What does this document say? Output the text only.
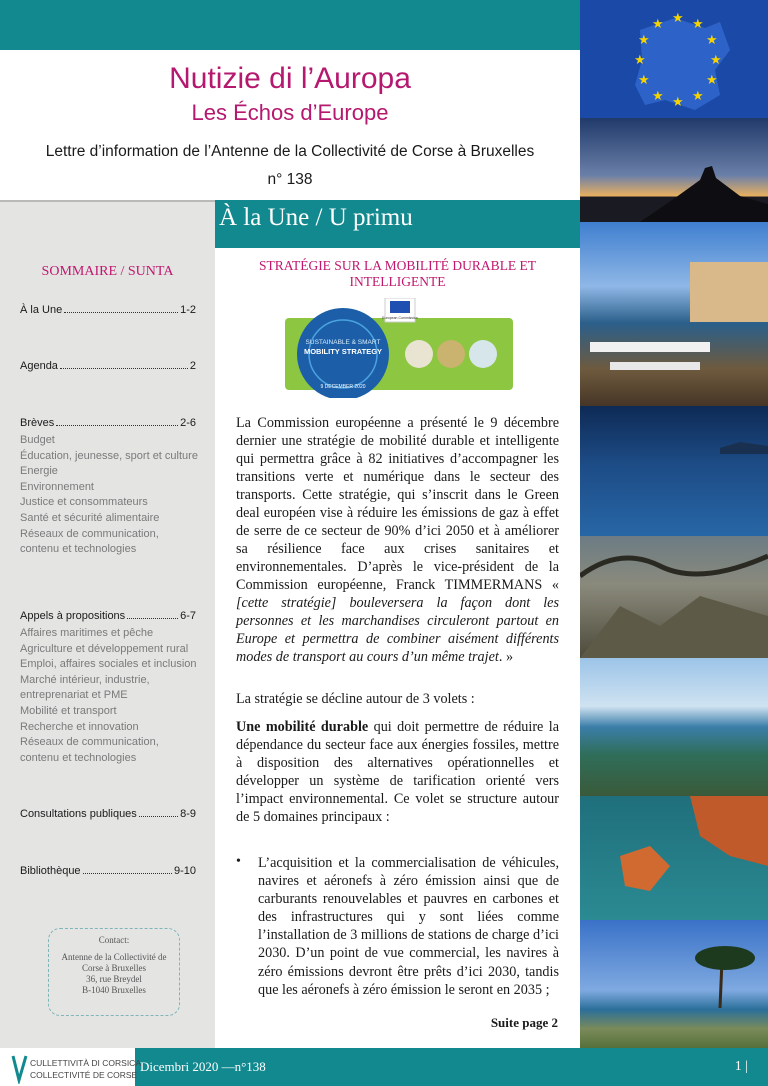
Nutizie di l’Auropa
Les Échos d’Europe
Lettre d’information de l’Antenne de la Collectivité de Corse à Bruxelles
n° 138
★ ★
★
★
★
★
★
★
★
★
★
★
SOMMAIRE / SUNTA
À la Une	1-2
Agenda	2
Brèves	2-6
Budget
Éducation, jeunesse, sport et culture
Energie
Environnement
Justice et consommateurs
Santé et sécurité alimentaire
Réseaux de communication, contenu et technologies
Appels à propositions	6-7
Affaires maritimes et pêche
Agriculture et développement rural
Emploi, affaires sociales et inclusion
Marché intérieur, industrie, entreprenariat et PME
Mobilité et transport
Recherche et innovation
Réseaux de communication, contenu et technologies
Consultations publiques	8-9
Bibliothèque	9-10
Contact:
Antenne de la Collectivité de
Corse à Bruxelles
36, rue Breydel
B-1040 Bruxelles
À la Une / U primu
STRATÉGIE SUR LA MOBILITÉ DURABLE ET INTELLIGENTE
SUSTAINABLE & SMART
MOBILITY STRATEGY
9 DECEMBER 2020
European Commission
La Commission européenne a présenté le 9 décembre dernier une stratégie de mobilité durable et intelligente qui permettra grâce à 82 initiatives d’accompagner les transitions verte et numérique dans le secteur des transports. Cette stratégie, qui s’inscrit dans le Green deal européen vise à réduire les émissions de gaz à effet de serre de ce secteur de 90% d’ici 2050 et à améliorer sa résilience face aux crises sanitaires et environnementales. D’après le vice-président de la Commission européenne, Franck TIMMERMANS « [cette stratégie] bouleversera la façon dont les personnes et les marchandises circuleront partout en Europe et permettra de combiner aisément différents modes de transport au cours d’un même trajet. »
La stratégie se décline autour de 3 volets :
Une mobilité durable qui doit permettre de réduire la dépendance du secteur face aux énergies fossiles, mettre à disposition des alternatives opérationnelles et développer un système de tarification orienté vers l’impact environnemental. Ce volet se structure autour de 5 domaines principaux :
• L’acquisition et la commercialisation de véhicules, navires et aéronefs à zéro émission ainsi que de carburants renouvelables et pauvres en carbones et des infrastructures qui y sont liées comme l’installation de 3 millions de stations de charge d’ici 2030. D’un point de vue commercial, les navires à zéro émissions devront être prêts d’ici 2030, tandis que les aéronefs à zéro émission le seront en 2035 ;
Suite page 2
Dicembri 2020 —n°138	1 |
CULLETTIVITÀ DI CORSICA
COLLECTIVITÉ DE CORSE
